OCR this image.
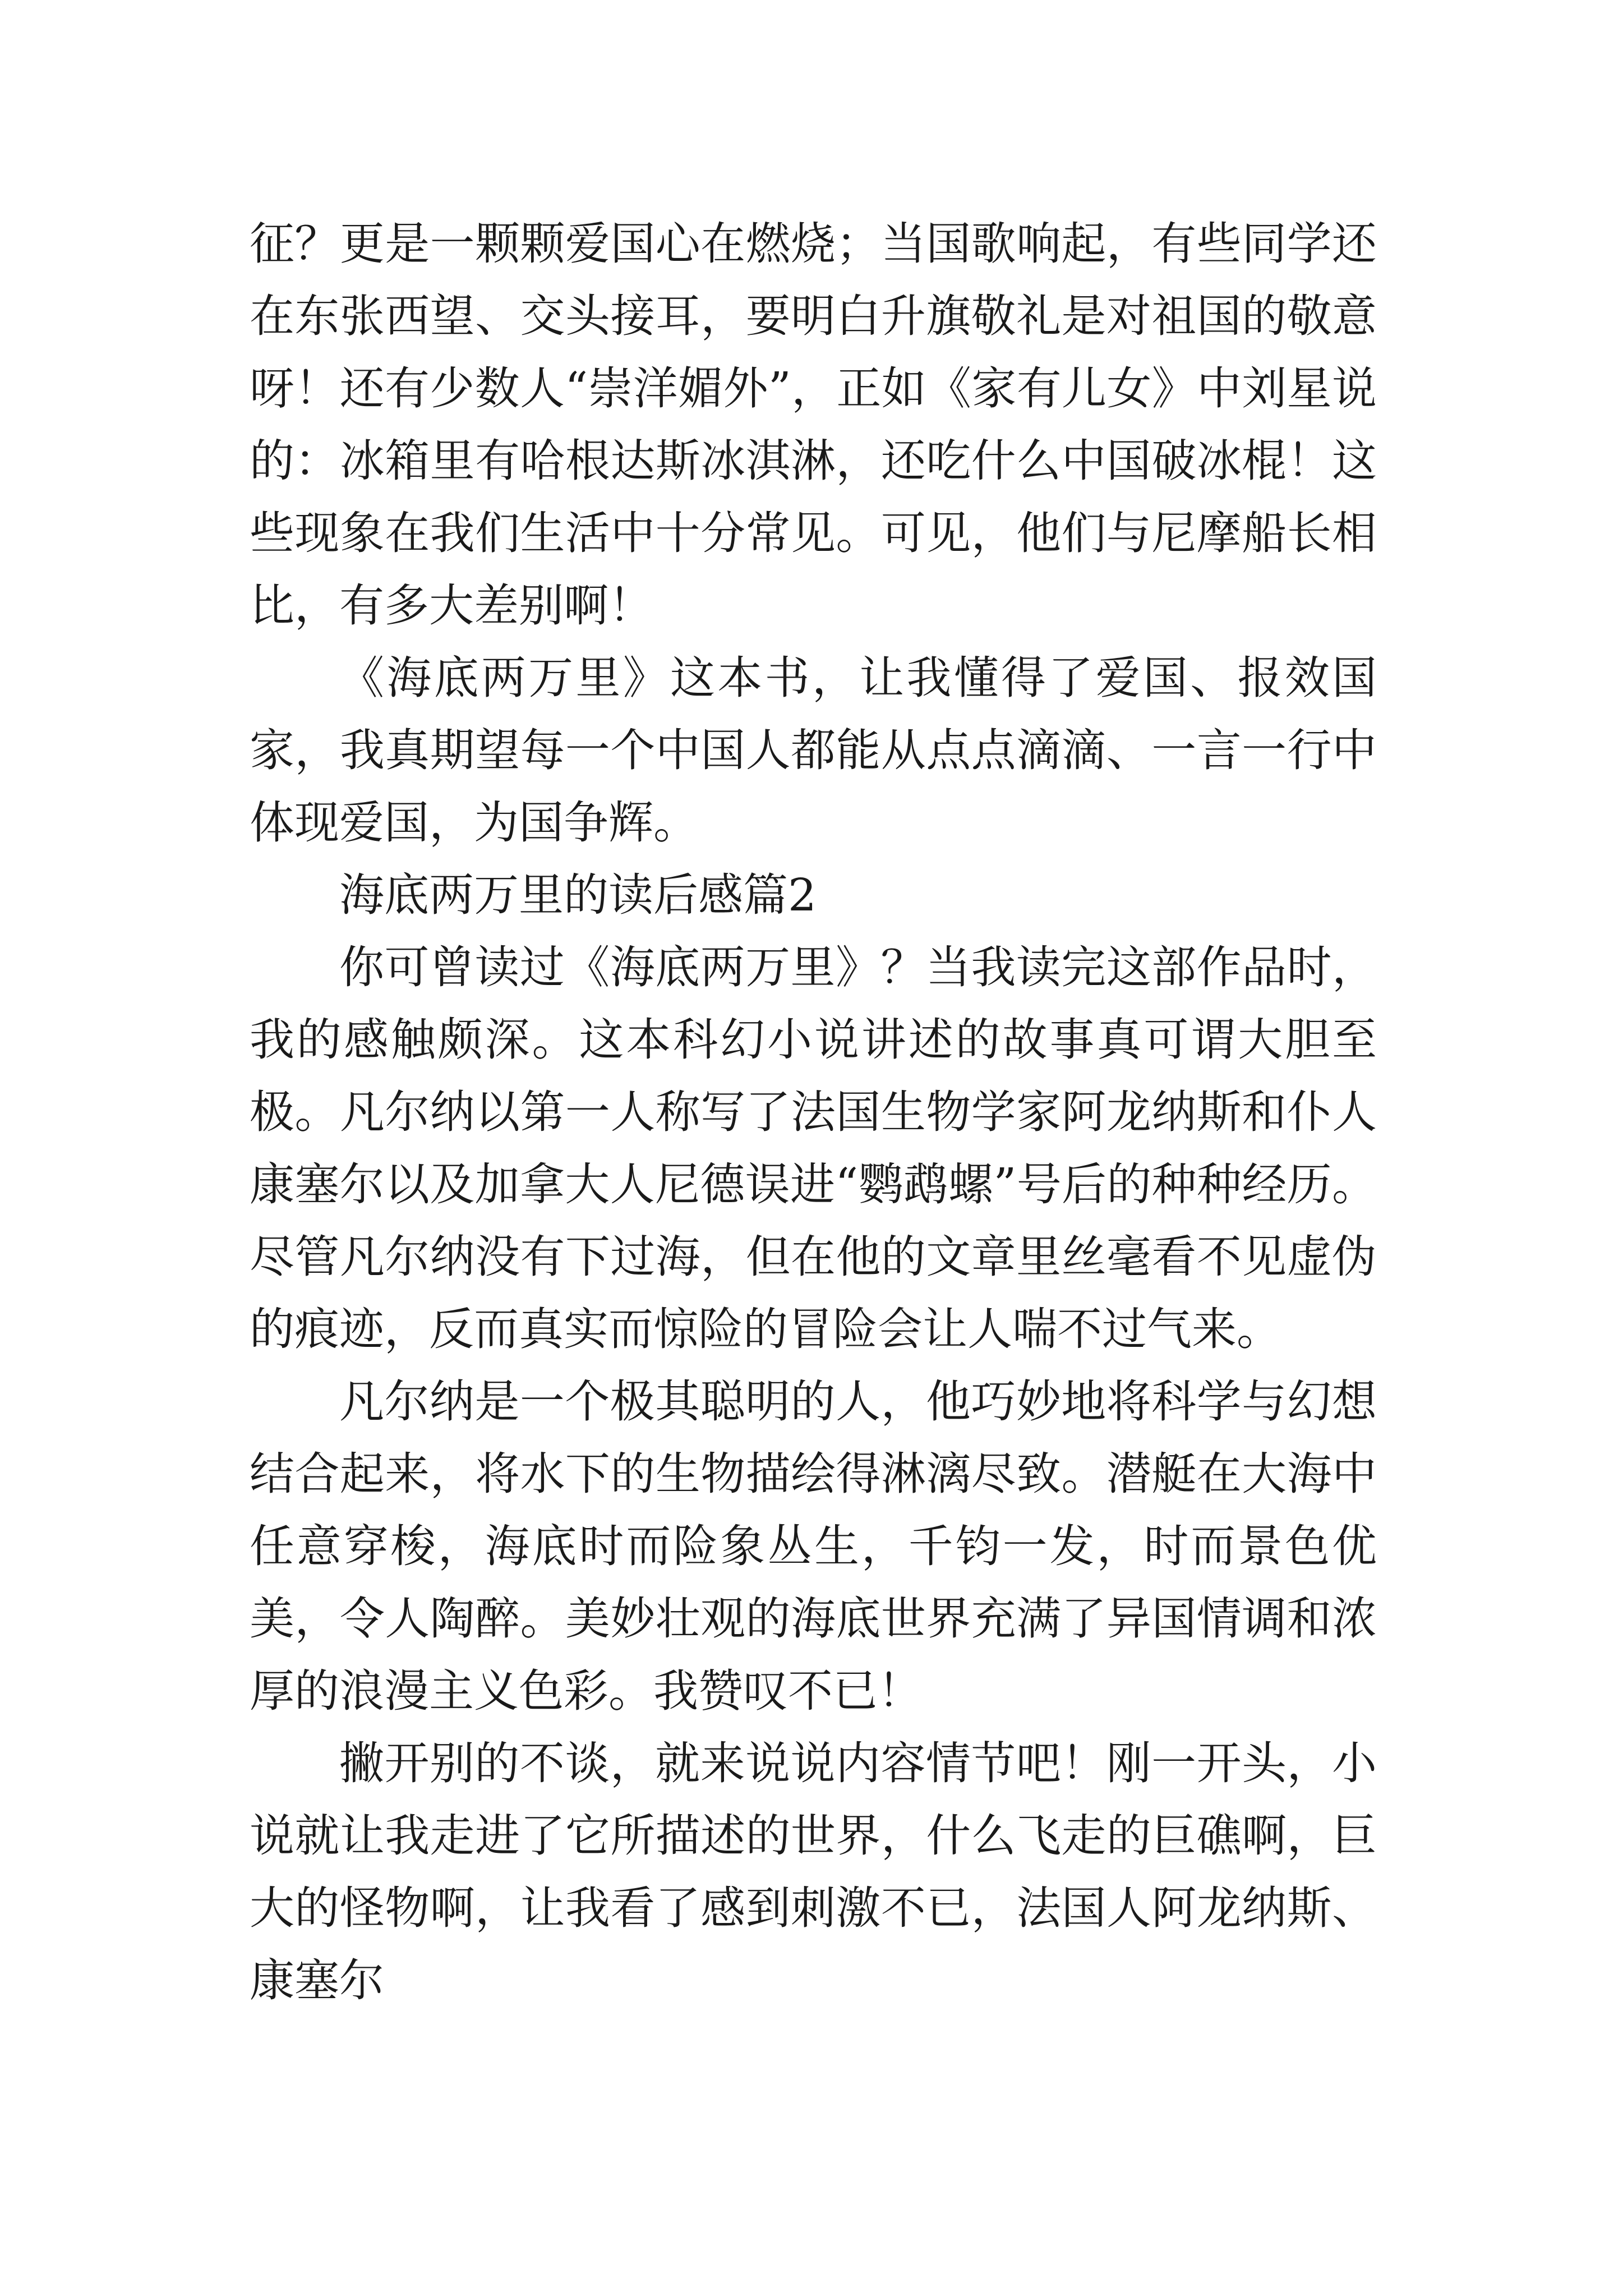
征？更是一颗颗爱国心在燃烧；当国歌响起，有些同学还在东张西望、交头接耳，要明白升旗敬礼是对祖国的敬意呀！还有少数人“崇洋媚外”，正如《家有儿女》中刘星说的：冰箱里有哈根达斯冰淇淋，还吃什么中国破冰棍！这些现象在我们生活中十分常见。可见，他们与尼摩船长相比，有多大差别啊！

《海底两万里》这本书，让我懂得了爱国、报效国家，我真期望每一个中国人都能从点点滴滴、一言一行中体现爱国，为国争辉。

海底两万里的读后感篇2

你可曾读过《海底两万里》？当我读完这部作品时，我的感触颇深。这本科幻小说讲述的故事真可谓大胆至极。凡尔纳以第一人称写了法国生物学家阿龙纳斯和仆人康塞尔以及加拿大人尼德误进“鹦鹉螺”号后的种种经历。尽管凡尔纳没有下过海，但在他的文章里丝毫看不见虚伪的痕迹，反而真实而惊险的冒险会让人喘不过气来。

凡尔纳是一个极其聪明的人，他巧妙地将科学与幻想结合起来，将水下的生物描绘得淋漓尽致。潜艇在大海中任意穿梭，海底时而险象丛生，千钧一发，时而景色优美，令人陶醉。美妙壮观的海底世界充满了异国情调和浓厚的浪漫主义色彩。我赞叹不已！

撇开别的不谈，就来说说内容情节吧！刚一开头，小说就让我走进了它所描述的世界，什么飞走的巨礁啊，巨大的怪物啊，让我看了感到刺激不已，法国人阿龙纳斯、康塞尔
